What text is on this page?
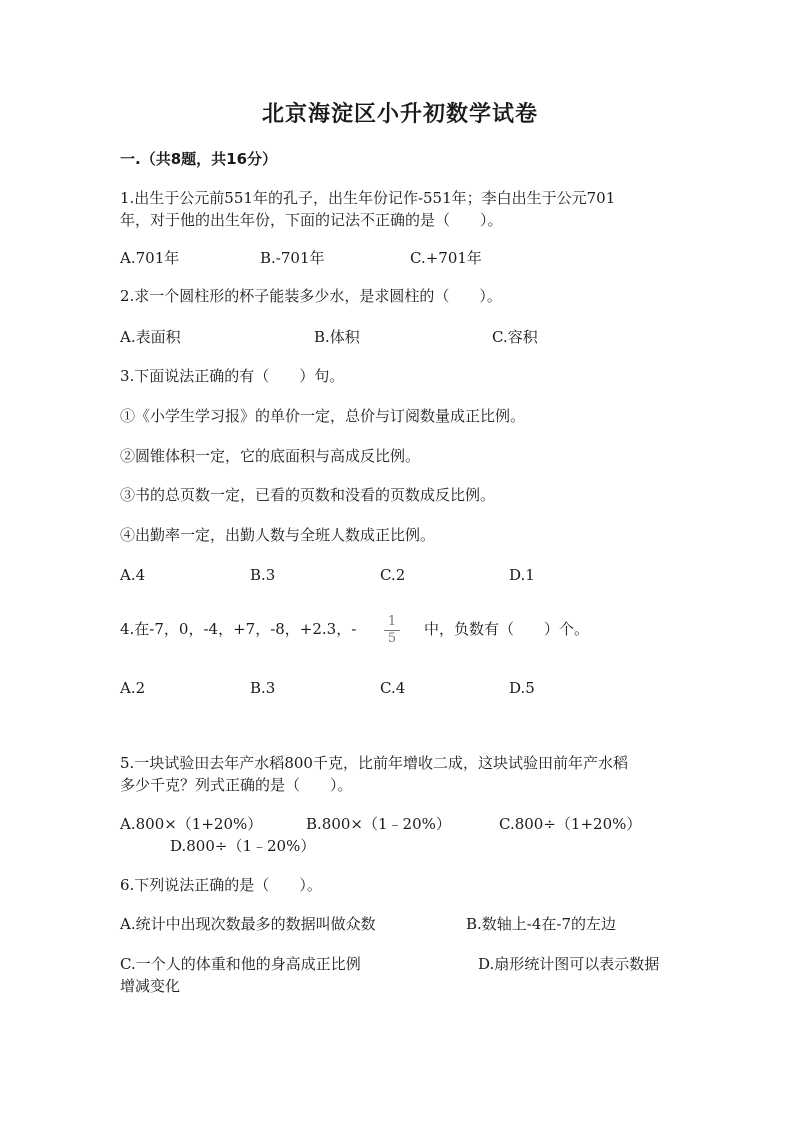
北京海淀区小升初数学试卷
一.（共8题，共16分）
1.出生于公元前551年的孔子，出生年份记作-551年；李白出生于公元701
年，对于他的出生年份，下面的记法不正确的是（　　）。
A.701年	B.-701年	C.+701年
2.求一个圆柱形的杯子能装多少水，是求圆柱的（　　）。
A.表面积	B.体积	C.容积
3.下面说法正确的有（　　）句。
①《小学生学习报》的单价一定，总价与订阅数量成正比例。
②圆锥体积一定，它的底面积与高成反比例。
③书的总页数一定，已看的页数和没看的页数成反比例。
④出勤率一定，出勤人数与全班人数成正比例。
A.4	B.3	C.2	D.1
4.在-7，0，-4，+7，-8，+2.3，-	1
5
中，负数有（　　）个。
A.2	B.3	C.4	D.5
5.一块试验田去年产水稻800千克，比前年增收二成，这块试验田前年产水稻
多少千克？列式正确的是（　　）。
A.800×（1+20%）	B.800×（1﹣20%）	C.800÷（1+20%）
D.800÷（1﹣20%）
6.下列说法正确的是（　　）。
A.统计中出现次数最多的数据叫做众数	B.数轴上-4在-7的左边
C.一个人的体重和他的身高成正比例	D.扇形统计图可以表示数据
增减变化
